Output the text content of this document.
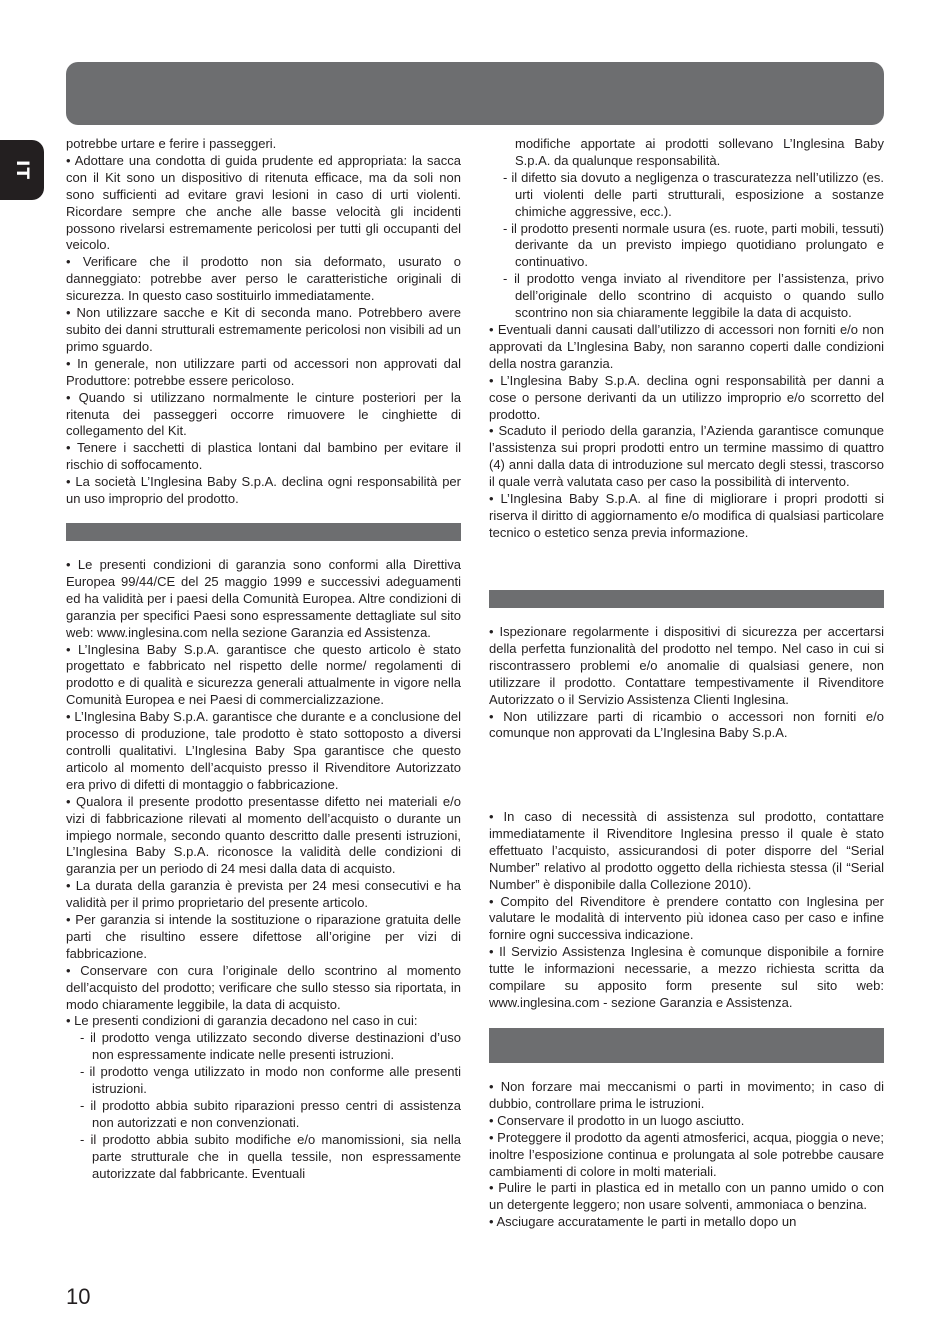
IT

potrebbe urtare e ferire i passeggeri.

• Adottare una condotta di guida prudente ed appropriata: la sacca con il Kit sono un dispositivo di ritenuta efficace, ma da soli non sono sufficienti ad evitare gravi lesioni in caso di urti violenti. Ricordare sempre che anche alle basse velocità gli incidenti possono rivelarsi estremamente pericolosi per tutti gli occupanti del veicolo.

• Verificare che il prodotto non sia deformato, usurato o danneggiato: potrebbe aver perso le caratteristiche originali di sicurezza. In questo caso sostituirlo immediatamente.

• Non utilizzare sacche e Kit di seconda mano. Potrebbero avere subito dei danni strutturali estremamente pericolosi non visibili ad un primo sguardo.

• In generale, non utilizzare parti od accessori non approvati dal Produttore: potrebbe essere pericoloso.

• Quando si utilizzano normalmente le cinture posteriori per la ritenuta dei passeggeri occorre rimuovere le cinghiette di collegamento del Kit.

• Tenere i sacchetti di plastica lontani dal bambino per evitare il rischio di soffocamento.

• La società L’Inglesina Baby S.p.A. declina ogni responsabilità per un uso improprio del prodotto.

• Le presenti condizioni di garanzia sono conformi alla Direttiva Europea 99/44/CE del 25 maggio 1999 e successivi adeguamenti ed ha validità per i paesi della Comunità Europea. Altre condizioni di garanzia per specifici Paesi sono espressamente dettagliate sul sito web: www.inglesina.com nella sezione Garanzia ed Assistenza.

• L’Inglesina Baby S.p.A. garantisce che questo articolo è stato progettato e fabbricato nel rispetto delle norme/ regolamenti di prodotto e di qualità e sicurezza generali attualmente in vigore nella Comunità Europea e nei Paesi di commercializzazione.

• L’Inglesina Baby S.p.A. garantisce che durante e a conclusione del processo di produzione, tale prodotto è stato sottoposto a diversi controlli qualitativi. L’Inglesina Baby Spa garantisce che questo articolo al momento dell’acquisto presso il Rivenditore Autorizzato era privo di difetti di montaggio o fabbricazione.

• Qualora il presente prodotto presentasse difetto nei materiali e/o vizi di fabbricazione rilevati al momento dell’acquisto o durante un impiego normale, secondo quanto descritto dalle presenti istruzioni, L’Inglesina Baby S.p.A. riconosce la validità delle condizioni di garanzia per un periodo di 24 mesi dalla data di acquisto.

• La durata della garanzia è prevista per 24 mesi consecutivi e ha validità per il primo proprietario del presente articolo.

• Per garanzia si intende la sostituzione o riparazione gratuita delle parti che risultino essere difettose all’origine per vizi di fabbricazione.

• Conservare con cura l’originale dello scontrino al momento dell’acquisto del prodotto; verificare che sullo stesso sia riportata, in modo chiaramente leggibile, la data di acquisto.

• Le presenti condizioni di garanzia decadono nel caso in cui:

- il prodotto venga utilizzato secondo diverse destinazioni d’uso non espressamente indicate nelle presenti istruzioni.

- il prodotto venga utilizzato in modo non conforme alle presenti istruzioni.

- il prodotto abbia subito riparazioni presso centri di assistenza non autorizzati e non convenzionati.

- il prodotto abbia subito modifiche e/o manomissioni, sia nella parte strutturale che in quella tessile, non espressamente autorizzate dal fabbricante. Eventuali

modifiche apportate ai prodotti sollevano L’Inglesina Baby S.p.A. da qualunque responsabilità.

- il difetto sia dovuto a negligenza o trascuratezza nell’utilizzo (es. urti violenti delle parti strutturali, esposizione a sostanze chimiche aggressive, ecc.).

- il prodotto presenti normale usura (es. ruote, parti mobili, tessuti) derivante da un previsto impiego quotidiano prolungato e continuativo.

- il prodotto venga inviato al rivenditore per l’assistenza, privo dell’originale dello scontrino di acquisto o quando sullo scontrino non sia chiaramente leggibile la data di acquisto.

• Eventuali danni causati dall’utilizzo di accessori non forniti e/o non approvati da L’Inglesina Baby, non saranno coperti dalle condizioni della nostra garanzia.

• L’Inglesina Baby S.p.A. declina ogni responsabilità per danni a cose o persone derivanti da un utilizzo improprio e/o scorretto del prodotto.

• Scaduto il periodo della garanzia, l’Azienda garantisce comunque l’assistenza sui propri prodotti entro un termine massimo di quattro (4) anni dalla data di introduzione sul mercato degli stessi, trascorso il quale verrà valutata caso per caso la possibilità di intervento.

• L’Inglesina Baby S.p.A. al fine di migliorare i propri prodotti si riserva il diritto di aggiornamento e/o modifica di qualsiasi particolare tecnico o estetico senza previa informazione.

• Ispezionare regolarmente i dispositivi di sicurezza per accertarsi della perfetta funzionalità del prodotto nel tempo. Nel caso in cui si riscontrassero problemi e/o anomalie di qualsiasi genere, non utilizzare il prodotto. Contattare tempestivamente il Rivenditore Autorizzato o il Servizio Assistenza Clienti Inglesina.

• Non utilizzare parti di ricambio o accessori non forniti e/o comunque non approvati da L’Inglesina Baby S.p.A.

• In caso di necessità di assistenza sul prodotto, contattare immediatamente il Rivenditore Inglesina presso il quale è stato effettuato l’acquisto, assicurandosi di poter disporre del “Serial Number” relativo al prodotto oggetto della richiesta stessa (il “Serial Number” è disponibile dalla Collezione 2010).

• Compito del Rivenditore è prendere contatto con Inglesina per valutare le modalità di intervento più idonea caso per caso e infine fornire ogni successiva indicazione.

• Il Servizio Assistenza Inglesina è comunque disponibile a fornire tutte le informazioni necessarie, a mezzo richiesta scritta da compilare su apposito form presente sul sito web: www.inglesina.com - sezione Garanzia e Assistenza.

• Non forzare mai meccanismi o parti in movimento; in caso di dubbio, controllare prima le istruzioni.

• Conservare il prodotto in un luogo asciutto.

• Proteggere il prodotto da agenti atmosferici, acqua, pioggia o neve; inoltre l’esposizione continua e prolungata al sole potrebbe causare cambiamenti di colore in molti materiali.

• Pulire le parti in plastica ed in metallo con un panno umido o con un detergente leggero; non usare solventi, ammoniaca o benzina.

• Asciugare accuratamente le parti in metallo dopo un

10
